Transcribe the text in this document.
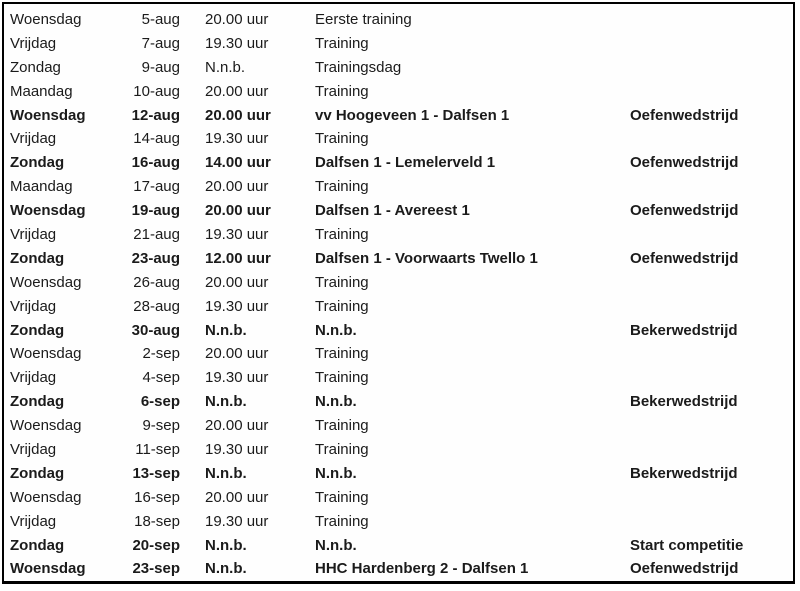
Woensdag	5-aug	20.00 uur	Eerste training
Vrijdag	7-aug	19.30 uur	Training
Zondag	9-aug	N.n.b.	Trainingsdag
Maandag	10-aug	20.00 uur	Training
Woensdag	12-aug	20.00 uur	vv Hoogeveen 1 - Dalfsen 1	Oefenwedstrijd
Vrijdag	14-aug	19.30 uur	Training
Zondag	16-aug	14.00 uur	Dalfsen 1 - Lemelerveld 1	Oefenwedstrijd
Maandag	17-aug	20.00 uur	Training
Woensdag	19-aug	20.00 uur	Dalfsen 1 - Avereest 1	Oefenwedstrijd
Vrijdag	21-aug	19.30 uur	Training
Zondag	23-aug	12.00 uur	Dalfsen 1 - Voorwaarts Twello 1	Oefenwedstrijd
Woensdag	26-aug	20.00 uur	Training
Vrijdag	28-aug	19.30 uur	Training
Zondag	30-aug	N.n.b.	N.n.b.	Bekerwedstrijd
Woensdag	2-sep	20.00 uur	Training
Vrijdag	4-sep	19.30 uur	Training
Zondag	6-sep	N.n.b.	N.n.b.	Bekerwedstrijd
Woensdag	9-sep	20.00 uur	Training
Vrijdag	11-sep	19.30 uur	Training
Zondag	13-sep	N.n.b.	N.n.b.	Bekerwedstrijd
Woensdag	16-sep	20.00 uur	Training
Vrijdag	18-sep	19.30 uur	Training
Zondag	20-sep	N.n.b.	N.n.b.	Start competitie
Woensdag	23-sep	N.n.b.	HHC Hardenberg 2 - Dalfsen 1	Oefenwedstrijd
